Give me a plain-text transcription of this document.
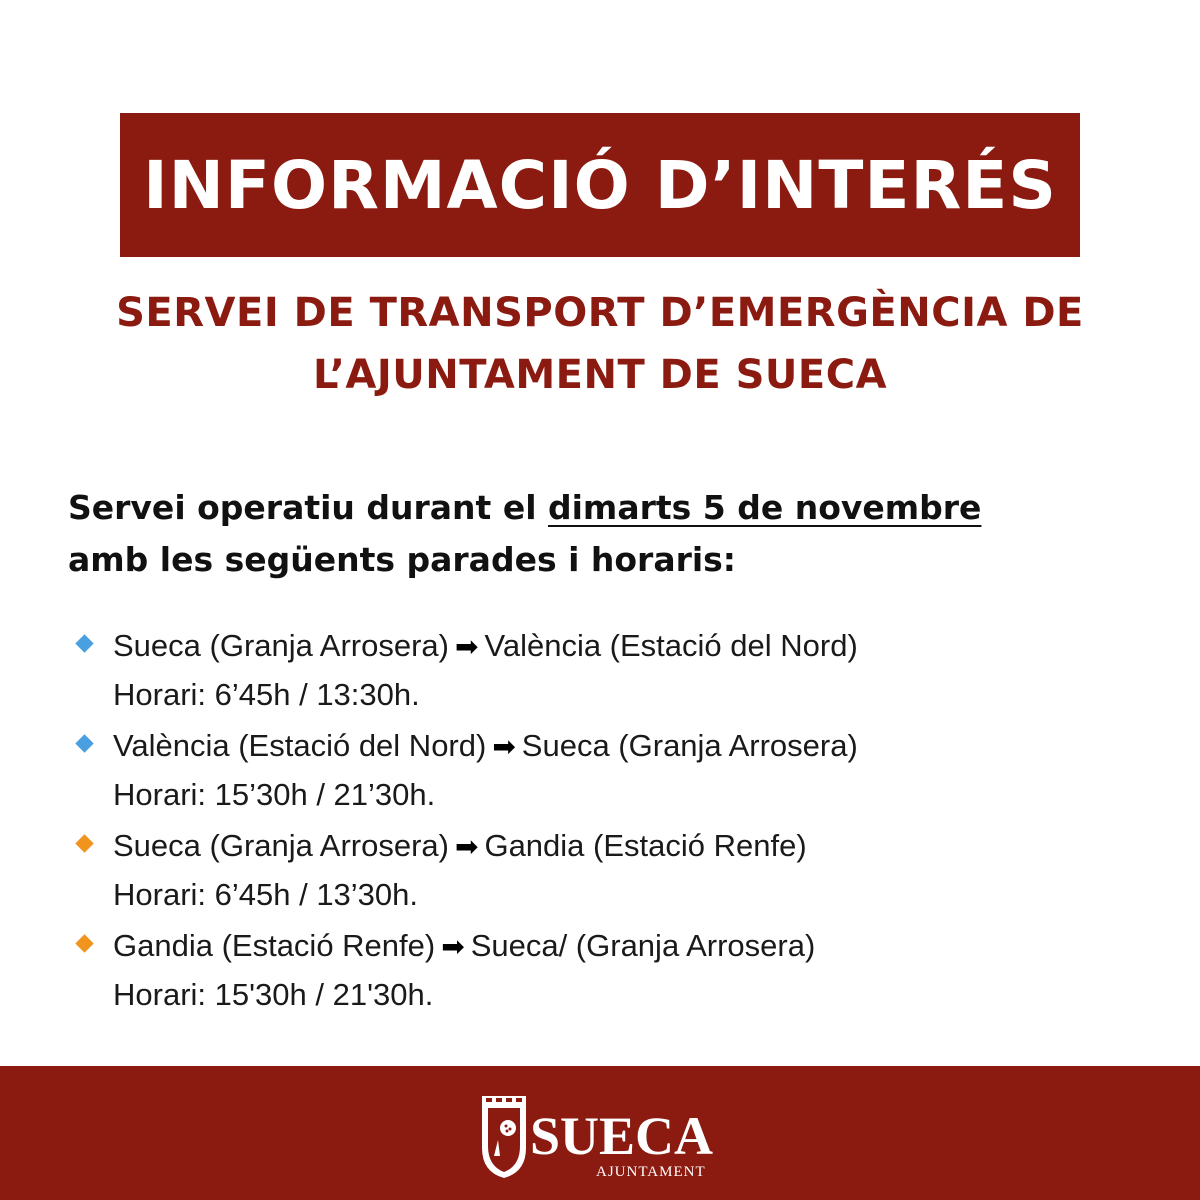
INFORMACIÓ D’INTERÉS
SERVEI DE TRANSPORT D’EMERGÈNCIA DE
L’AJUNTAMENT DE SUECA
Servei operatiu durant el dimarts 5 de novembre
amb les següents parades i horaris:
Sueca (Granja Arrosera) ➡ València (Estació del Nord)
Horari: 6’45h / 13:30h.
València (Estació del Nord) ➡ Sueca (Granja Arrosera)
Horari: 15’30h / 21’30h.
Sueca (Granja Arrosera) ➡ Gandia (Estació Renfe)
Horari: 6’45h / 13’30h.
Gandia (Estació Renfe) ➡ Sueca/ (Granja Arrosera)
Horari: 15'30h / 21'30h.
SUECA
AJUNTAMENT
